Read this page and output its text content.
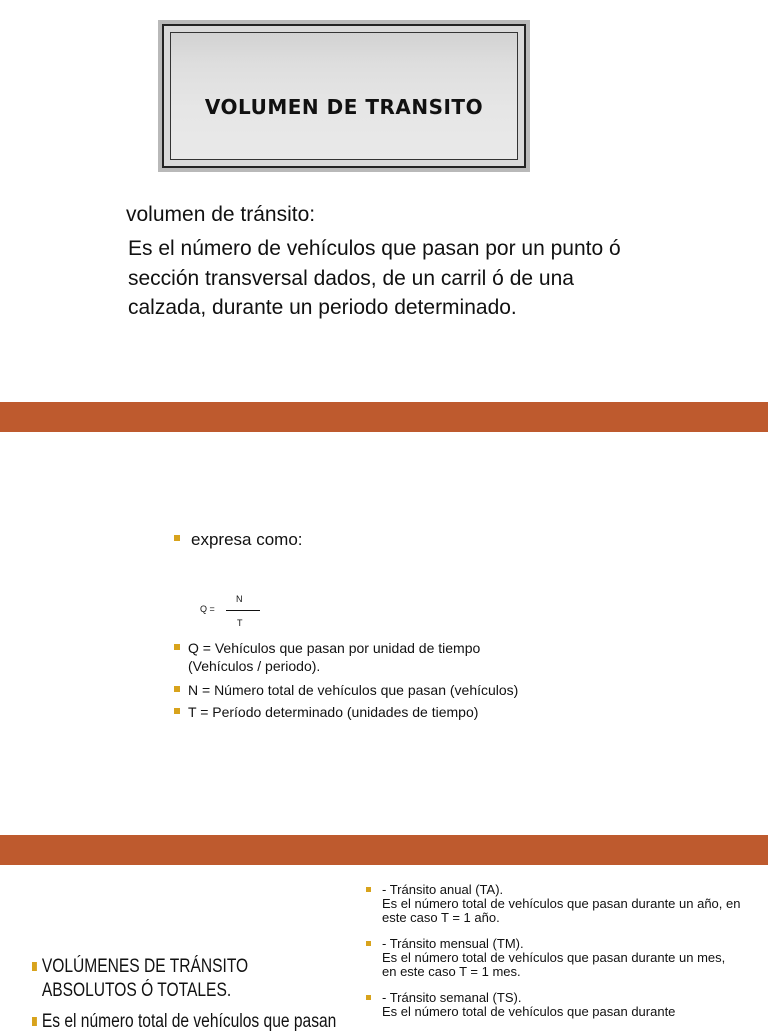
VOLUMEN DE TRANSITO
volumen de tránsito:
Es el número de vehículos que pasan por un punto ó sección transversal dados, de un carril ó de una calzada, durante un periodo determinado.
expresa como:
Q =
N
T
Q = Vehículos que pasan por unidad de tiempo (Vehículos / periodo).
N = Número total de vehículos que pasan (vehículos)
T = Período determinado (unidades de tiempo)
- Tránsito anual (TA).
Es el número total de vehículos que pasan durante un año, en este caso T = 1 año.
- Tránsito mensual (TM).
Es el número total de vehículos que pasan durante un mes, en este caso T = 1 mes.
- Tránsito semanal (TS).
Es el número total de vehículos que pasan durante
VOLÚMENES DE TRÁNSITO ABSOLUTOS Ó TOTALES.
Es el número total de vehículos que pasan
